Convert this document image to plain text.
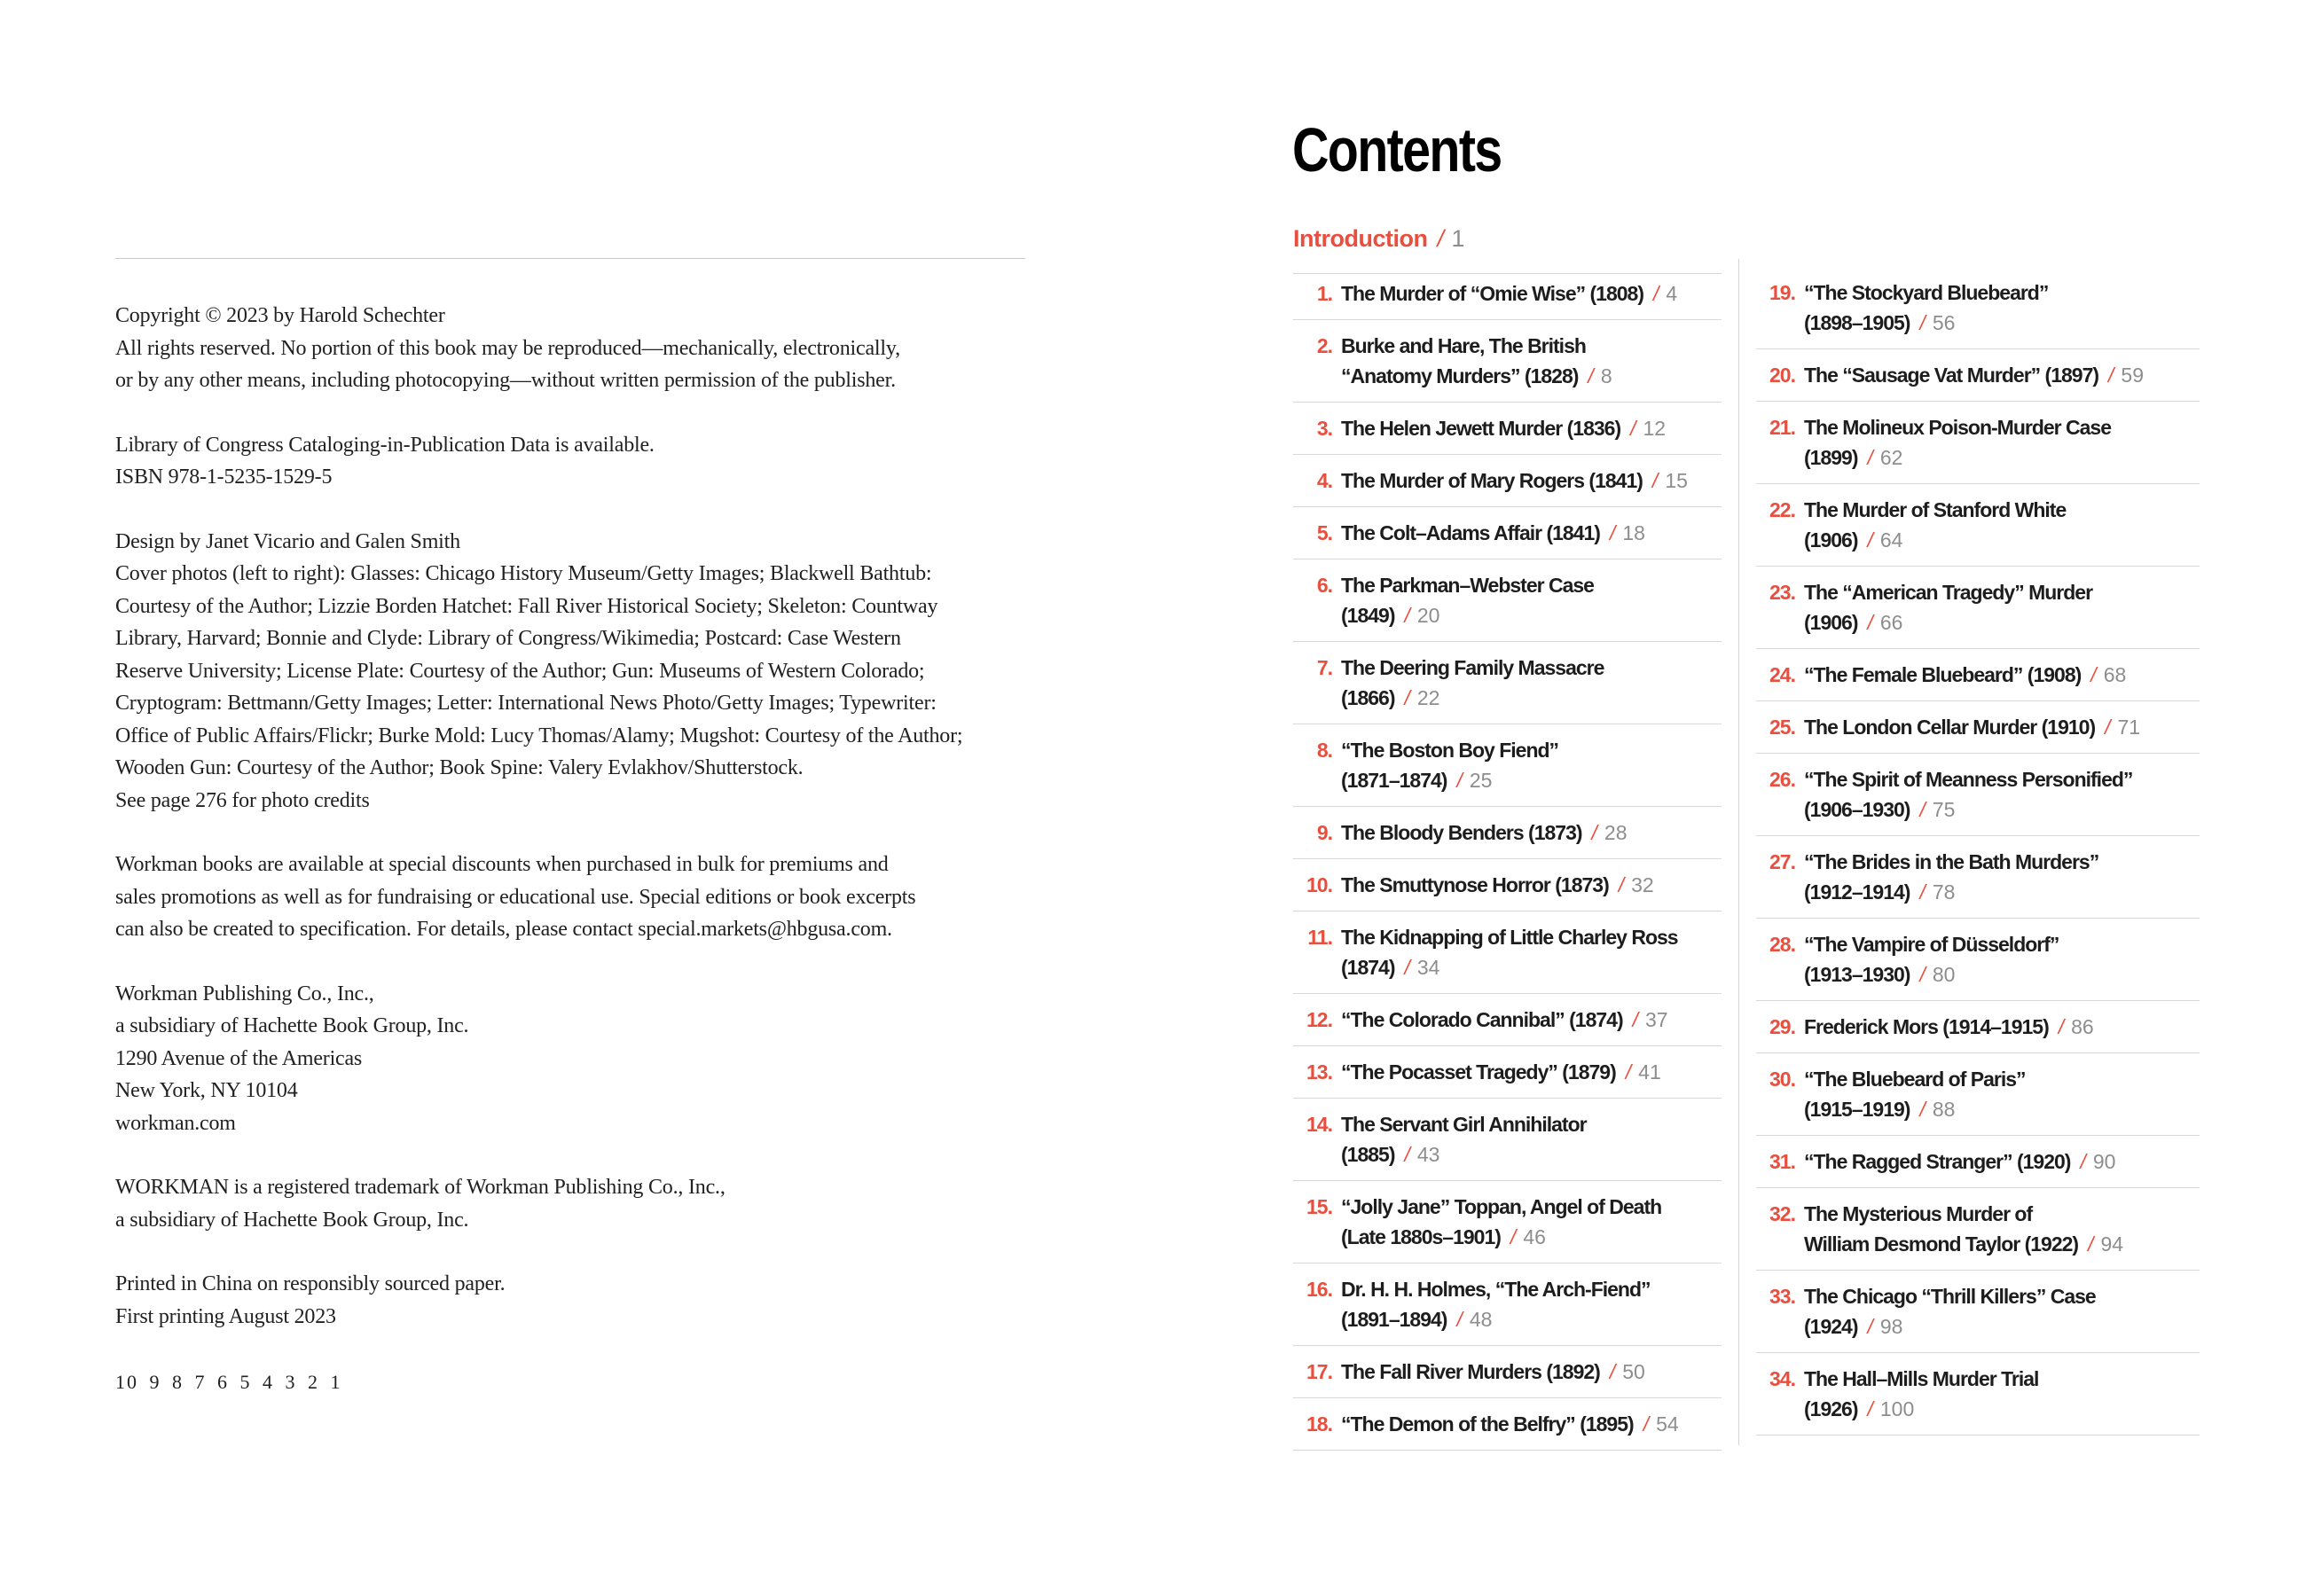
Copyright © 2023 by Harold Schechter
All rights reserved. No portion of this book may be reproduced—mechanically, electronically,
or by any other means, including photocopying—without written permission of the publisher.

Library of Congress Cataloging-in-Publication Data is available.
ISBN 978-1-5235-1529-5

Design by Janet Vicario and Galen Smith
Cover photos (left to right): Glasses: Chicago History Museum/Getty Images; Blackwell Bathtub:
Courtesy of the Author; Lizzie Borden Hatchet: Fall River Historical Society; Skeleton: Countway
Library, Harvard; Bonnie and Clyde: Library of Congress/Wikimedia; Postcard: Case Western
Reserve University; License Plate: Courtesy of the Author; Gun: Museums of Western Colorado;
Cryptogram: Bettmann/Getty Images; Letter: International News Photo/Getty Images; Typewriter:
Office of Public Affairs/Flickr; Burke Mold: Lucy Thomas/Alamy; Mugshot: Courtesy of the Author;
Wooden Gun: Courtesy of the Author; Book Spine: Valery Evlakhov/Shutterstock.
See page 276 for photo credits

Workman books are available at special discounts when purchased in bulk for premiums and
sales promotions as well as for fundraising or educational use. Special editions or book excerpts
can also be created to specification. For details, please contact special.markets@hbgusa.com.

Workman Publishing Co., Inc.,
a subsidiary of Hachette Book Group, Inc.
1290 Avenue of the Americas
New York, NY 10104
workman.com

WORKMAN is a registered trademark of Workman Publishing Co., Inc.,
a subsidiary of Hachette Book Group, Inc.

Printed in China on responsibly sourced paper.
First printing August 2023

10 9 8 7 6 5 4 3 2 1

Contents
Introduction / 1
1. The Murder of “Omie Wise” (1808) / 4
2. Burke and Hare, The British
“Anatomy Murders” (1828) / 8
3. The Helen Jewett Murder (1836) / 12
4. The Murder of Mary Rogers (1841) / 15
5. The Colt–Adams Affair (1841) / 18
6. The Parkman–Webster Case
(1849) / 20
7. The Deering Family Massacre
(1866) / 22
8. “The Boston Boy Fiend”
(1871–1874) / 25
9. The Bloody Benders (1873) / 28
10. The Smuttynose Horror (1873) / 32
11. The Kidnapping of Little Charley Ross
(1874) / 34
12. “The Colorado Cannibal” (1874) / 37
13. “The Pocasset Tragedy” (1879) / 41
14. The Servant Girl Annihilator
(1885) / 43
15. “Jolly Jane” Toppan, Angel of Death
(Late 1880s–1901) / 46
16. Dr. H. H. Holmes, “The Arch-Fiend”
(1891–1894) / 48
17. The Fall River Murders (1892) / 50
18. “The Demon of the Belfry” (1895) / 54
19. “The Stockyard Bluebeard”
(1898–1905) / 56
20. The “Sausage Vat Murder” (1897) / 59
21. The Molineux Poison-Murder Case
(1899) / 62
22. The Murder of Stanford White
(1906) / 64
23. The “American Tragedy” Murder
(1906) / 66
24. “The Female Bluebeard” (1908) / 68
25. The London Cellar Murder (1910) / 71
26. “The Spirit of Meanness Personified”
(1906–1930) / 75
27. “The Brides in the Bath Murders”
(1912–1914) / 78
28. “The Vampire of Düsseldorf”
(1913–1930) / 80
29. Frederick Mors (1914–1915) / 86
30. “The Bluebeard of Paris”
(1915–1919) / 88
31. “The Ragged Stranger” (1920) / 90
32. The Mysterious Murder of
William Desmond Taylor (1922) / 94
33. The Chicago “Thrill Killers” Case
(1924) / 98
34. The Hall–Mills Murder Trial
(1926) / 100
